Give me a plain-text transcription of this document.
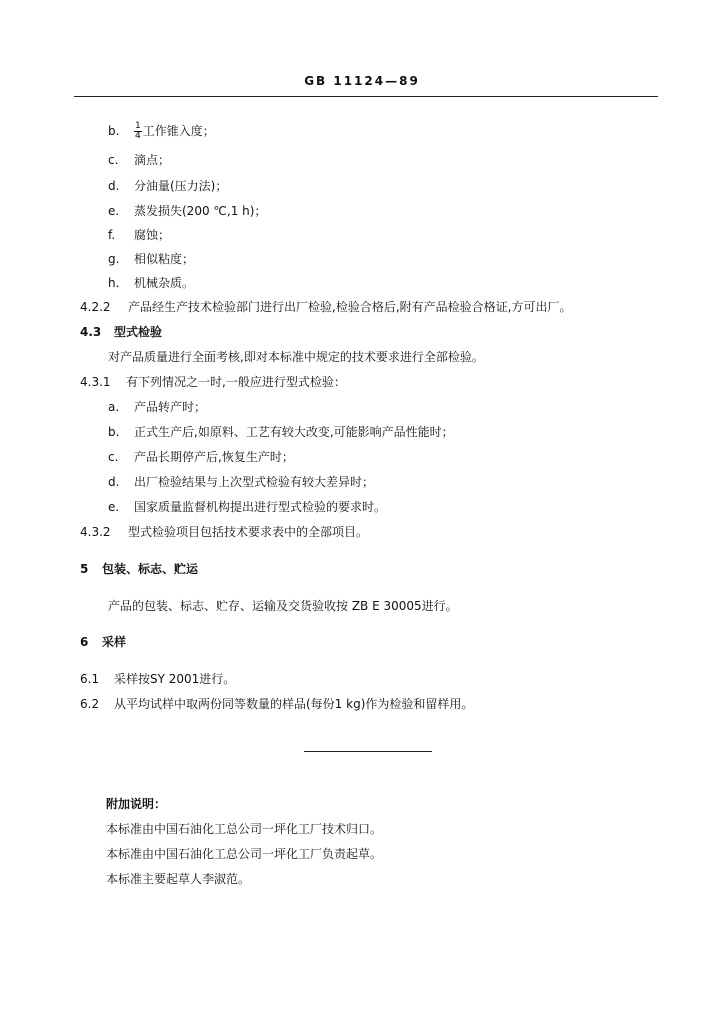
GB 11124—89
b. $\frac{1}{4}$ 工作锥入度；
c. 滴点；
d. 分油量(压力法)；
e. 蒸发损失(200 ℃,1 h)；
f. 腐蚀；
g. 相似粘度；
h. 机械杂质。
4.2.2 产品经生产技术检验部门进行出厂检验,检验合格后,附有产品检验合格证,方可出厂。
4.3 型式检验
对产品质量进行全面考核,即对本标准中规定的技术要求进行全部检验。
4.3.1 有下列情况之一时,一般应进行型式检验：
a. 产品转产时；
b. 正式生产后,如原料、工艺有较大改变,可能影响产品性能时；
c. 产品长期停产后,恢复生产时；
d. 出厂检验结果与上次型式检验有较大差异时；
e. 国家质量监督机构提出进行型式检验的要求时。
4.3.2 型式检验项目包括技术要求表中的全部项目。
5 包装、标志、贮运
产品的包装、标志、贮存、运输及交货验收按 ZB E 30005进行。
6 采样
6.1 采样按SY 2001进行。
6.2 从平均试样中取两份同等数量的样品(每份1 kg)作为检验和留样用。
附加说明：
本标准由中国石油化工总公司一坪化工厂技术归口。
本标准由中国石油化工总公司一坪化工厂负责起草。
本标准主要起草人李淑范。
